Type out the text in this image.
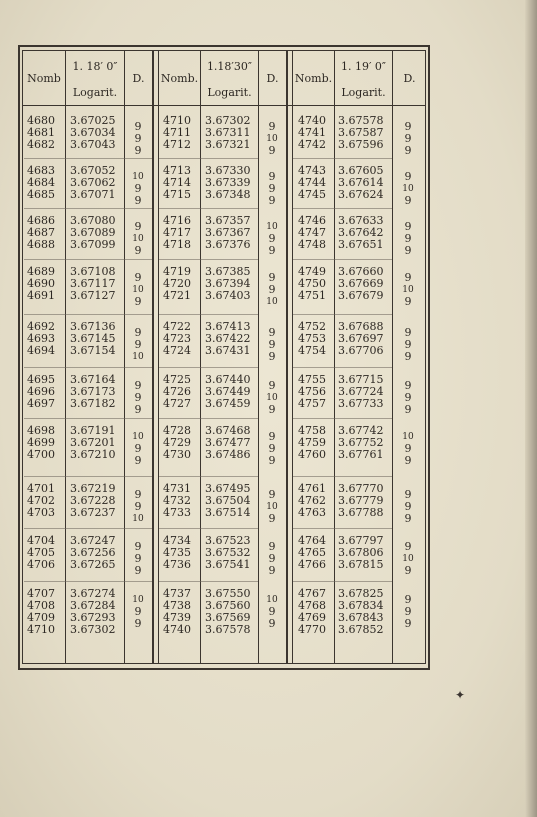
Nomb
1. 18′ 0″
Logarit.
D.	Nomb.
1.18′30″
Logarit.
D.	Nomb.
1. 19′ 0″
Logarit.
D.
4680 3.67025
4681 3.67034
4682 3.67043
4683 3.67052
4684 3.67062
4685 3.67071
4686 3.67080
4687 3.67089
4688 3.67099
4689 3.67108
4690 3.67117
4691 3.67127
4692 3.67136
4693 3.67145
4694 3.67154
4695 3.67164
4696 3.67173
4697 3.67182
4698 3.67191
4699 3.67201
4700 3.67210
4701 3.67219
4702 3.67228
4703 3.67237
4704 3.67247
4705 3.67256
4706 3.67265
4707 3.67274
4708 3.67284
4709 3.67293
4710 3.67302
9
9
9
10
9
9
9
10
9
9
10
9
9
9
10
9
9
9
10
9
9
9
9
10
9
9
9
10
9
9
4710 3.67302
4711 3.67311
4712 3.67321
4713 3.67330
4714 3.67339
4715 3.67348
4716 3.67357
4717 3.67367
4718 3.67376
4719 3.67385
4720 3.67394
4721 3.67403
4722 3.67413
4723 3.67422
4724 3.67431
4725 3.67440
4726 3.67449
4727 3.67459
4728 3.67468
4729 3.67477
4730 3.67486
4731 3.67495
4732 3.67504
4733 3.67514
4734 3.67523
4735 3.67532
4736 3.67541
4737 3.67550
4738 3.67560
4739 3.67569
4740 3.67578
9
10
9
9
9
9
10
9
9
9
9
10
9
9
9
9
10
9
9
9
9
9
10
9
9
9
9
10
9
9
4740 3.67578
4741 3.67587
4742 3.67596
4743 3.67605
4744 3.67614
4745 3.67624
4746 3.67633
4747 3.67642
4748 3.67651
4749 3.67660
4750 3.67669
4751 3.67679
4752 3.67688
4753 3.67697
4754 3.67706
4755 3.67715
4756 3.67724
4757 3.67733
4758 3.67742
4759 3.67752
4760 3.67761
4761 3.67770
4762 3.67779
4763 3.67788
4764 3.67797
4765 3.67806
4766 3.67815
4767 3.67825
4768 3.67834
4769 3.67843
4770 3.67852
9
9
9
9
10
9
9
9
9
9
10
9
9
9
9
9
9
9
10
9
9
9
9
9
9
10
9
9
9
9
✦
